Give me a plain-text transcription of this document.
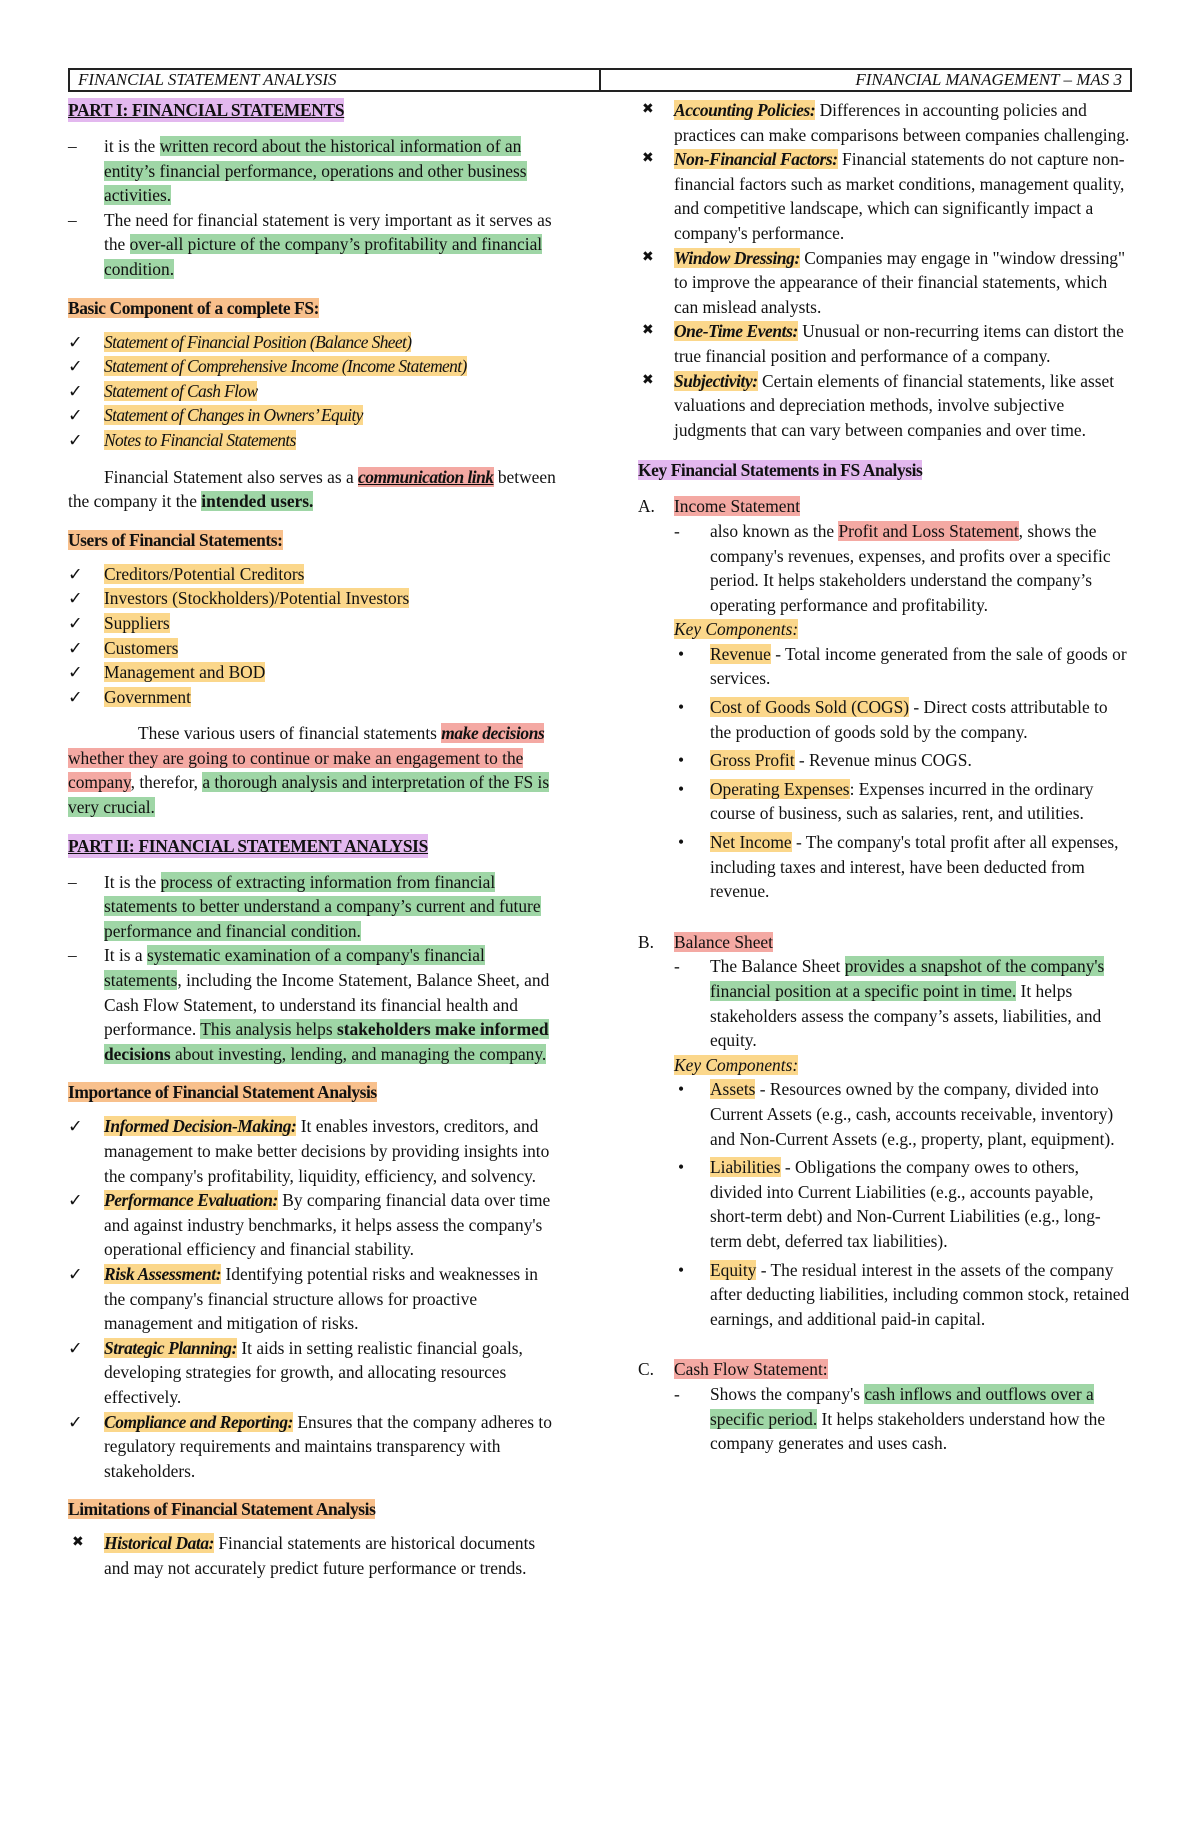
FINANCIAL STATEMENT ANALYSIS	FINANCIAL MANAGEMENT – MAS 3
PART I: FINANCIAL STATEMENTS
–	it is the written record about the historical information of an entity’s financial performance, operations and other business activities.
–	The need for financial statement is very important as it serves as the over-all picture of the company’s profitability and financial condition.
Basic Component of a complete FS:
✓	Statement of Financial Position (Balance Sheet)
✓	Statement of Comprehensive Income (Income Statement)
✓	Statement of Cash Flow
✓	Statement of Changes in Owners’ Equity
✓	Notes to Financial Statements

Financial Statement also serves as a communication link between the company it the intended users.

Users of Financial Statements:
✓	Creditors/Potential Creditors
✓	Investors (Stockholders)/Potential Investors
✓	Suppliers
✓	Customers
✓	Management and BOD
✓	Government

These various users of financial statements make decisions whether they are going to continue or make an engagement to the company, therefor, a thorough analysis and interpretation of the FS is very crucial.

PART II: FINANCIAL STATEMENT ANALYSIS
–	It is the process of extracting information from financial statements to better understand a company’s current and future performance and financial condition.
–	It is a systematic examination of a company's financial statements, including the Income Statement, Balance Sheet, and Cash Flow Statement, to understand its financial health and performance. This analysis helps stakeholders make informed decisions about investing, lending, and managing the company.
Importance of Financial Statement Analysis
✓	Informed Decision-Making: It enables investors, creditors, and management to make better decisions by providing insights into the company's profitability, liquidity, efficiency, and solvency.
✓	Performance Evaluation: By comparing financial data over time and against industry benchmarks, it helps assess the company's operational efficiency and financial stability.
✓	Risk Assessment: Identifying potential risks and weaknesses in the company's financial structure allows for proactive management and mitigation of risks.
✓	Strategic Planning: It aids in setting realistic financial goals, developing strategies for growth, and allocating resources effectively.
✓	Compliance and Reporting: Ensures that the company adheres to regulatory requirements and maintains transparency with stakeholders.
Limitations of Financial Statement Analysis
✖	Historical Data: Financial statements are historical documents and may not accurately predict future performance or trends.
✖	Accounting Policies: Differences in accounting policies and practices can make comparisons between companies challenging.
✖	Non-Financial Factors: Financial statements do not capture non-financial factors such as market conditions, management quality, and competitive landscape, which can significantly impact a company's performance.
✖	Window Dressing: Companies may engage in "window dressing" to improve the appearance of their financial statements, which can mislead analysts.
✖	One-Time Events: Unusual or non-recurring items can distort the true financial position and performance of a company.
✖	Subjectivity: Certain elements of financial statements, like asset valuations and depreciation methods, involve subjective judgments that can vary between companies and over time.
Key Financial Statements in FS Analysis

A. Income Statement

- also known as the Profit and Loss Statement, shows the company's revenues, expenses, and profits over a specific period. It helps stakeholders understand the company’s operating performance and profitability.

Key Components:

• Revenue - Total income generated from the sale of goods or services.
• Cost of Goods Sold (COGS) - Direct costs attributable to the production of goods sold by the company.
• Gross Profit - Revenue minus COGS.
• Operating Expenses: Expenses incurred in the ordinary course of business, such as salaries, rent, and utilities.
• Net Income - The company's total profit after all expenses, including taxes and interest, have been deducted from revenue.

B. Balance Sheet

- The Balance Sheet provides a snapshot of the company's financial position at a specific point in time. It helps stakeholders assess the company’s assets, liabilities, and equity.

Key Components:

• Assets - Resources owned by the company, divided into Current Assets (e.g., cash, accounts receivable, inventory) and Non-Current Assets (e.g., property, plant, equipment).
• Liabilities - Obligations the company owes to others, divided into Current Liabilities (e.g., accounts payable, short-term debt) and Non-Current Liabilities (e.g., long-term debt, deferred tax liabilities).
• Equity - The residual interest in the assets of the company after deducting liabilities, including common stock, retained earnings, and additional paid-in capital.

C. Cash Flow Statement:

- Shows the company's cash inflows and outflows over a specific period. It helps stakeholders understand how the company generates and uses cash.
